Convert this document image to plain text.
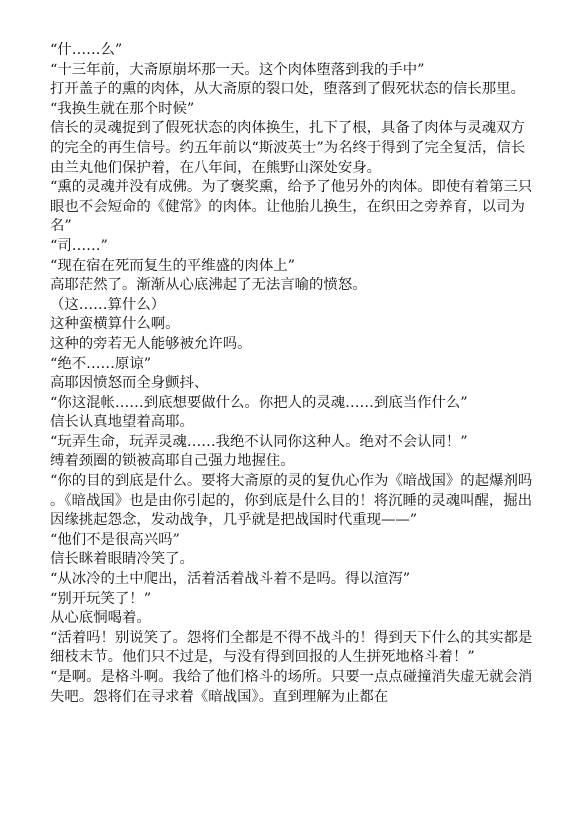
“什……么”

“十三年前，大斋原崩坏那一天。这个肉体堕落到我的手中”

打开盖子的熏的肉体，从大斋原的裂口处，堕落到了假死状态的信长那里。

“我换生就在那个时候”

信长的灵魂捉到了假死状态的肉体换生，扎下了根，具备了肉体与灵魂双方的完全的再生信号。约五年前以“斯波英士”为名终于得到了完全复活，信长由兰丸他们保护着，在八年间，在熊野山深处安身。

“熏的灵魂并没有成佛。为了褒奖熏，给予了他另外的肉体。即使有着第三只眼也不会短命的《健常》的肉体。让他胎儿换生，在织田之旁养育，以司为名”

“司……”

“现在宿在死而复生的平维盛的肉体上”

高耶茫然了。渐渐从心底沸起了无法言喻的愤怒。

（这……算什么）

这种蛮横算什么啊。

这种的旁若无人能够被允许吗。

“绝不……原谅”

高耶因愤怒而全身颤抖、

“你这混帐……到底想要做什么。你把人的灵魂……到底当作什么”

信长认真地望着高耶。

“玩弄生命，玩弄灵魂……我绝不认同你这种人。绝对不会认同！”

缚着颈圈的锁被高耶自己强力地握住。

“你的目的到底是什么。要将大斋原的灵的复仇心作为《暗战国》的起爆剂吗。《暗战国》也是由你引起的，你到底是什么目的！将沉睡的灵魂叫醒，掘出因缘挑起怨念，发动战争，几乎就是把战国时代重现——”

“他们不是很高兴吗”

信长眯着眼睛冷笑了。

“从冰冷的土中爬出，活着活着战斗着不是吗。得以渲泻”

“别开玩笑了！”

从心底恫喝着。

“活着吗！别说笑了。怨将们全都是不得不战斗的！得到天下什么的其实都是细枝末节。他们只不过是，与没有得到回报的人生拼死地格斗着！”

“是啊。是格斗啊。我给了他们格斗的场所。只要一点点碰撞消失虚无就会消失吧。怨将们在寻求着《暗战国》。直到理解为止都在
